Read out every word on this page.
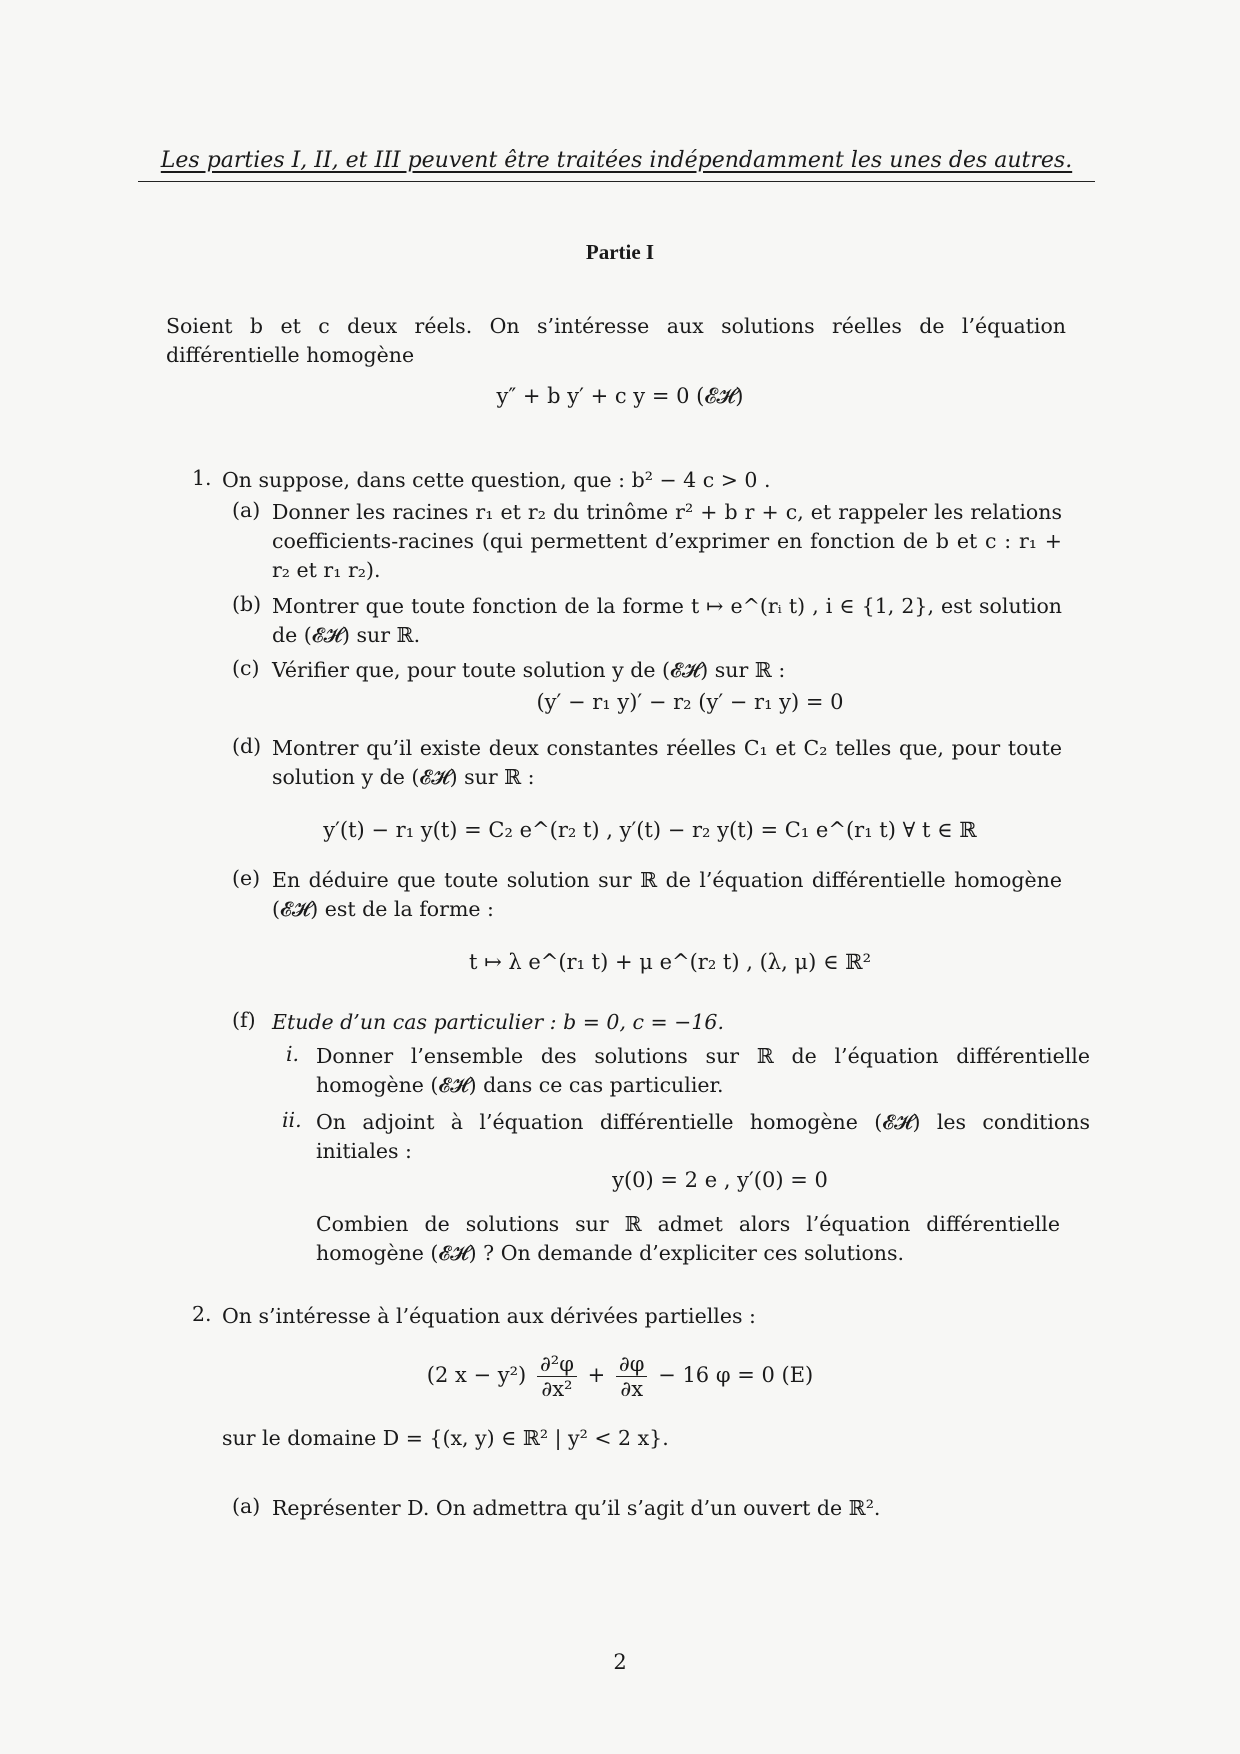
Les parties I, II, et III peuvent être traitées indépendamment les unes des autres.
Partie I
Soient b et c deux réels. On s’intéresse aux solutions réelles de l’équation différentielle homogène
y″ + b y′ + c y = 0 (𝓔𝓗)
1. On suppose, dans cette question, que : b² − 4 c > 0 .
(a) Donner les racines r₁ et r₂ du trinôme r² + b r + c, et rappeler les relations coefficients-racines (qui permettent d’exprimer en fonction de b et c : r₁ + r₂ et r₁ r₂).
(b) Montrer que toute fonction de la forme t ↦ e^(rᵢ t) , i ∈ {1, 2}, est solution de (𝓔𝓗) sur ℝ.
(c) Vérifier que, pour toute solution y de (𝓔𝓗) sur ℝ :
(y′ − r₁ y)′ − r₂ (y′ − r₁ y) = 0
(d) Montrer qu’il existe deux constantes réelles C₁ et C₂ telles que, pour toute solution y de (𝓔𝓗) sur ℝ :
y′(t) − r₁ y(t) = C₂ e^(r₂ t) , y′(t) − r₂ y(t) = C₁ e^(r₁ t) ∀ t ∈ ℝ
(e) En déduire que toute solution sur ℝ de l’équation différentielle homogène (𝓔𝓗) est de la forme :
t ↦ λ e^(r₁ t) + μ e^(r₂ t) , (λ, μ) ∈ ℝ²
(f) Etude d’un cas particulier : b = 0, c = −16.
i. Donner l’ensemble des solutions sur ℝ de l’équation différentielle homogène (𝓔𝓗) dans ce cas particulier.
ii. On adjoint à l’équation différentielle homogène (𝓔𝓗) les conditions initiales :
y(0) = 2 e , y′(0) = 0
Combien de solutions sur ℝ admet alors l’équation différentielle homogène (𝓔𝓗) ? On demande d’expliciter ces solutions.
2. On s’intéresse à l’équation aux dérivées partielles :
(2 $x - y^2) \frac{\text{∂²φ}}{\text{∂x²}} + \frac{\partial\varphi}{\partial x} - 16$ φ = 0 (E)
sur le domaine D = {(x, y) ∈ ℝ² | y² < 2 x}.
(a) Représenter D. On admettra qu’il s’agit d’un ouvert de ℝ².
2
